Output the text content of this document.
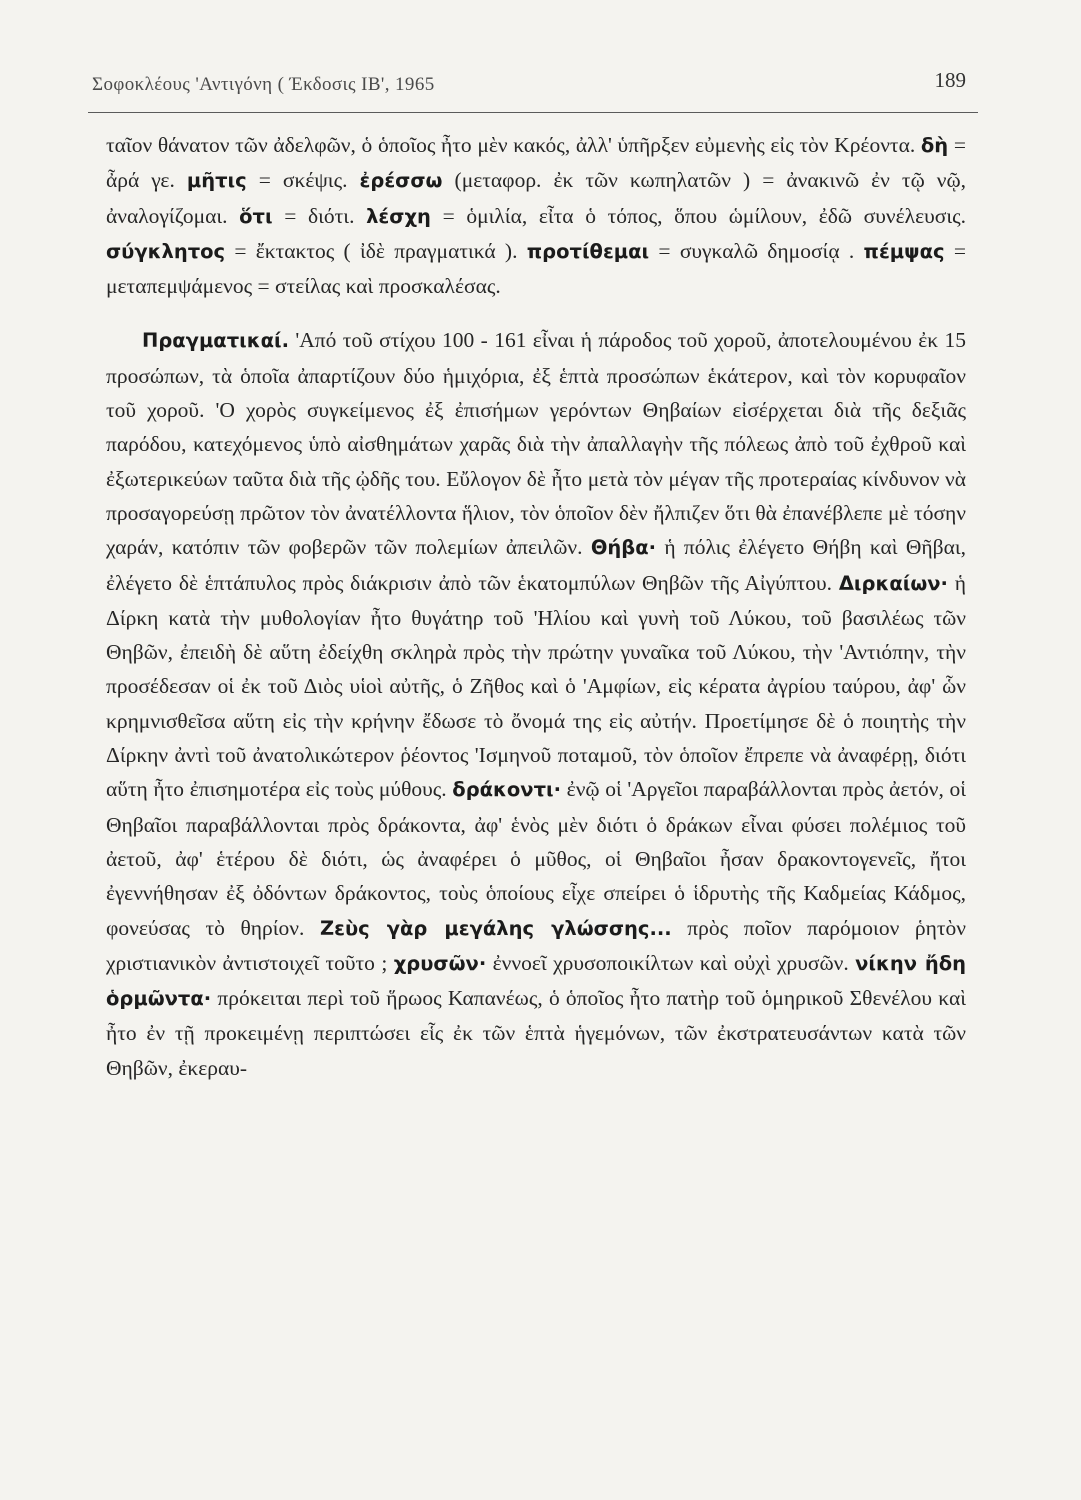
Σοφοκλέους 'Αντιγόνη ( Έκδοσις ΙΒ', 1965	189

ταῖον θάνατον τῶν ἀδελφῶν, ὁ ὁποῖος ἦτο μὲν κακός, ἀλλ' ὑπῆρξεν εὐμενὴς εἰς τὸν Κρέοντα. δὴ = ἆρά γε. μῆτις = σκέψις. ἐρέσσω (μεταφορ. ἐκ τῶν κωπηλατῶν ) = ἀνακινῶ ἐν τῷ νῷ, ἀναλογίζομαι. ὅτι = διότι. λέσχη = ὁμιλία, εἶτα ὁ τόπος, ὅπου ὡμίλουν, ἐδῶ συνέλευσις. σύγκλητος = ἔκτακτος ( ἰδὲ πραγματικά ). προτίθεμαι = συγκαλῶ δημοσίᾳ . πέμψας = μεταπεμψάμενος = στείλας καὶ προσκαλέσας.

Πραγματικαί. 'Από τοῦ στίχου 100 - 161 εἶναι ἡ πάροδος τοῦ χοροῦ, ἀποτελουμένου ἐκ 15 προσώπων, τὰ ὁποῖα ἀπαρτίζουν δύο ἡμιχόρια, ἐξ ἑπτὰ προσώπων ἑκάτερον, καὶ τὸν κορυφαῖον τοῦ χοροῦ. 'Ο χορὸς συγκείμενος ἐξ ἐπισήμων γερόντων Θηβαίων εἰσέρχεται διὰ τῆς δεξιᾶς παρόδου, κατεχόμενος ὑπὸ αἰσθημάτων χαρᾶς διὰ τὴν ἀπαλλαγὴν τῆς πόλεως ἀπὸ τοῦ ἐχθροῦ καὶ ἐξωτερικεύων ταῦτα διὰ τῆς ᾠδῆς του. Εὔλογον δὲ ἦτο μετὰ τὸν μέγαν τῆς προτεραίας κίνδυνον νὰ προσαγορεύσῃ πρῶτον τὸν ἀνατέλλοντα ἥλιον, τὸν ὁποῖον δὲν ἤλπιζεν ὅτι θὰ ἐπανέβλεπε μὲ τόσην χαράν, κατόπιν τῶν φοβερῶν τῶν πολεμίων ἀπειλῶν. Θήβα· ἡ πόλις ἐλέγετο Θήβη καὶ Θῆβαι, ἐλέγετο δὲ ἑπτάπυλος πρὸς διάκρισιν ἀπὸ τῶν ἑκατομπύλων Θηβῶν τῆς Αἰγύπτου. Διρκαίων· ἡ Δίρκη κατὰ τὴν μυθολογίαν ἦτο θυγάτηρ τοῦ 'Ηλίου καὶ γυνὴ τοῦ Λύκου, τοῦ βασιλέως τῶν Θηβῶν, ἐπειδὴ δὲ αὕτη ἐδείχθη σκληρὰ πρὸς τὴν πρώτην γυναῖκα τοῦ Λύκου, τὴν 'Αντιόπην, τὴν προσέδεσαν οἱ ἐκ τοῦ Διὸς υἱοὶ αὐτῆς, ὁ Ζῆθος καὶ ὁ 'Αμφίων, εἰς κέρατα ἀγρίου ταύρου, ἀφ' ὧν κρημνισθεῖσα αὕτη εἰς τὴν κρήνην ἔδωσε τὸ ὄνομά της εἰς αὐτήν. Προετίμησε δὲ ὁ ποιητὴς τὴν Δίρκην ἀντὶ τοῦ ἀνατολικώτερον ῥέοντος 'Ισμηνοῦ ποταμοῦ, τὸν ὁποῖον ἔπρεπε νὰ ἀναφέρῃ, διότι αὕτη ἦτο ἐπισημοτέρα εἰς τοὺς μύθους. δράκοντι· ἐνῷ οἱ 'Αργεῖοι παραβάλλονται πρὸς ἀετόν, οἱ Θηβαῖοι παραβάλλονται πρὸς δράκοντα, ἀφ' ἑνὸς μὲν διότι ὁ δράκων εἶναι φύσει πολέμιος τοῦ ἀετοῦ, ἀφ' ἑτέρου δὲ διότι, ὡς ἀναφέρει ὁ μῦθος, οἱ Θηβαῖοι ἦσαν δρακοντογενεῖς, ἤτοι ἐγεννήθησαν ἐξ ὀδόντων δράκοντος, τοὺς ὁποίους εἶχε σπείρει ὁ ἱδρυτὴς τῆς Καδμείας Κάδμος, φονεύσας τὸ θηρίον. Ζεὺς γὰρ μεγάλης γλώσσης... πρὸς ποῖον παρόμοιον ῥητὸν χριστιανικὸν ἀντιστοιχεῖ τοῦτο ; χρυσῶν· ἐννοεῖ χρυσοποικίλτων καὶ οὐχὶ χρυσῶν. νίκην ἤδη ὁρμῶντα· πρόκειται περὶ τοῦ ἥρωος Καπανέως, ὁ ὁποῖος ἦτο πατὴρ τοῦ ὁμηρικοῦ Σθενέλου καὶ ἦτο ἐν τῇ προκειμένῃ περιπτώσει εἷς ἐκ τῶν ἑπτὰ ἡγεμόνων, τῶν ἐκστρατευσάντων κατὰ τῶν Θηβῶν, ἐκεραυ-
